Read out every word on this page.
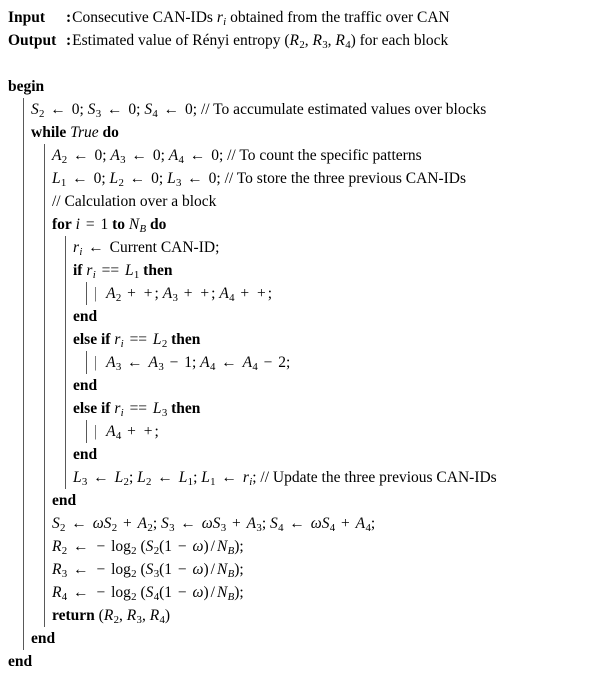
Input	: Consecutive CAN-IDs $r_i$ obtained from the traffic over CAN
Output : Estimated value of Rényi entropy (R2, R3, R4) for each block

begin
S2 ← 0; S3 ← 0; S4 ← 0; // To accumulate estimated values over blocks
while True do
A2 ← 0; A3 ← 0; A4 ← 0; // To count the specific patterns
L1 ← 0; L2 ← 0; L3 ← 0; // To store the three previous CAN-IDs
// Calculation over a block
for i = 1 to $N_B$ do
$r_i$ ← Current CAN-ID;
if $r_i == L1$ then
| A2 + + ; A3 + + ; A4 + + ;
end
else if $r_i == L2$ then
| A3 ← A3 − 1; A4 ← A4 − 2;
end
else if $r_i == L3$ then
| A4 + + ;
end
L3 ← L2; L2 ← L1; L1 ← $r_i$; // Update the three previous CAN-IDs
end
S2 ← ωS2 + A2; S3 ← ωS3 + A3; S4 ← ωS4 + A4;
R2 ← − log2 $(S2(1 - \omega) / N_B)$;
R3 ← − log2 $(S3(1 - \omega) / N_B)$;
R4 ← − log2 $(S4(1 - \omega) / N_B)$;
return (R2, R3, R4)
end
end
